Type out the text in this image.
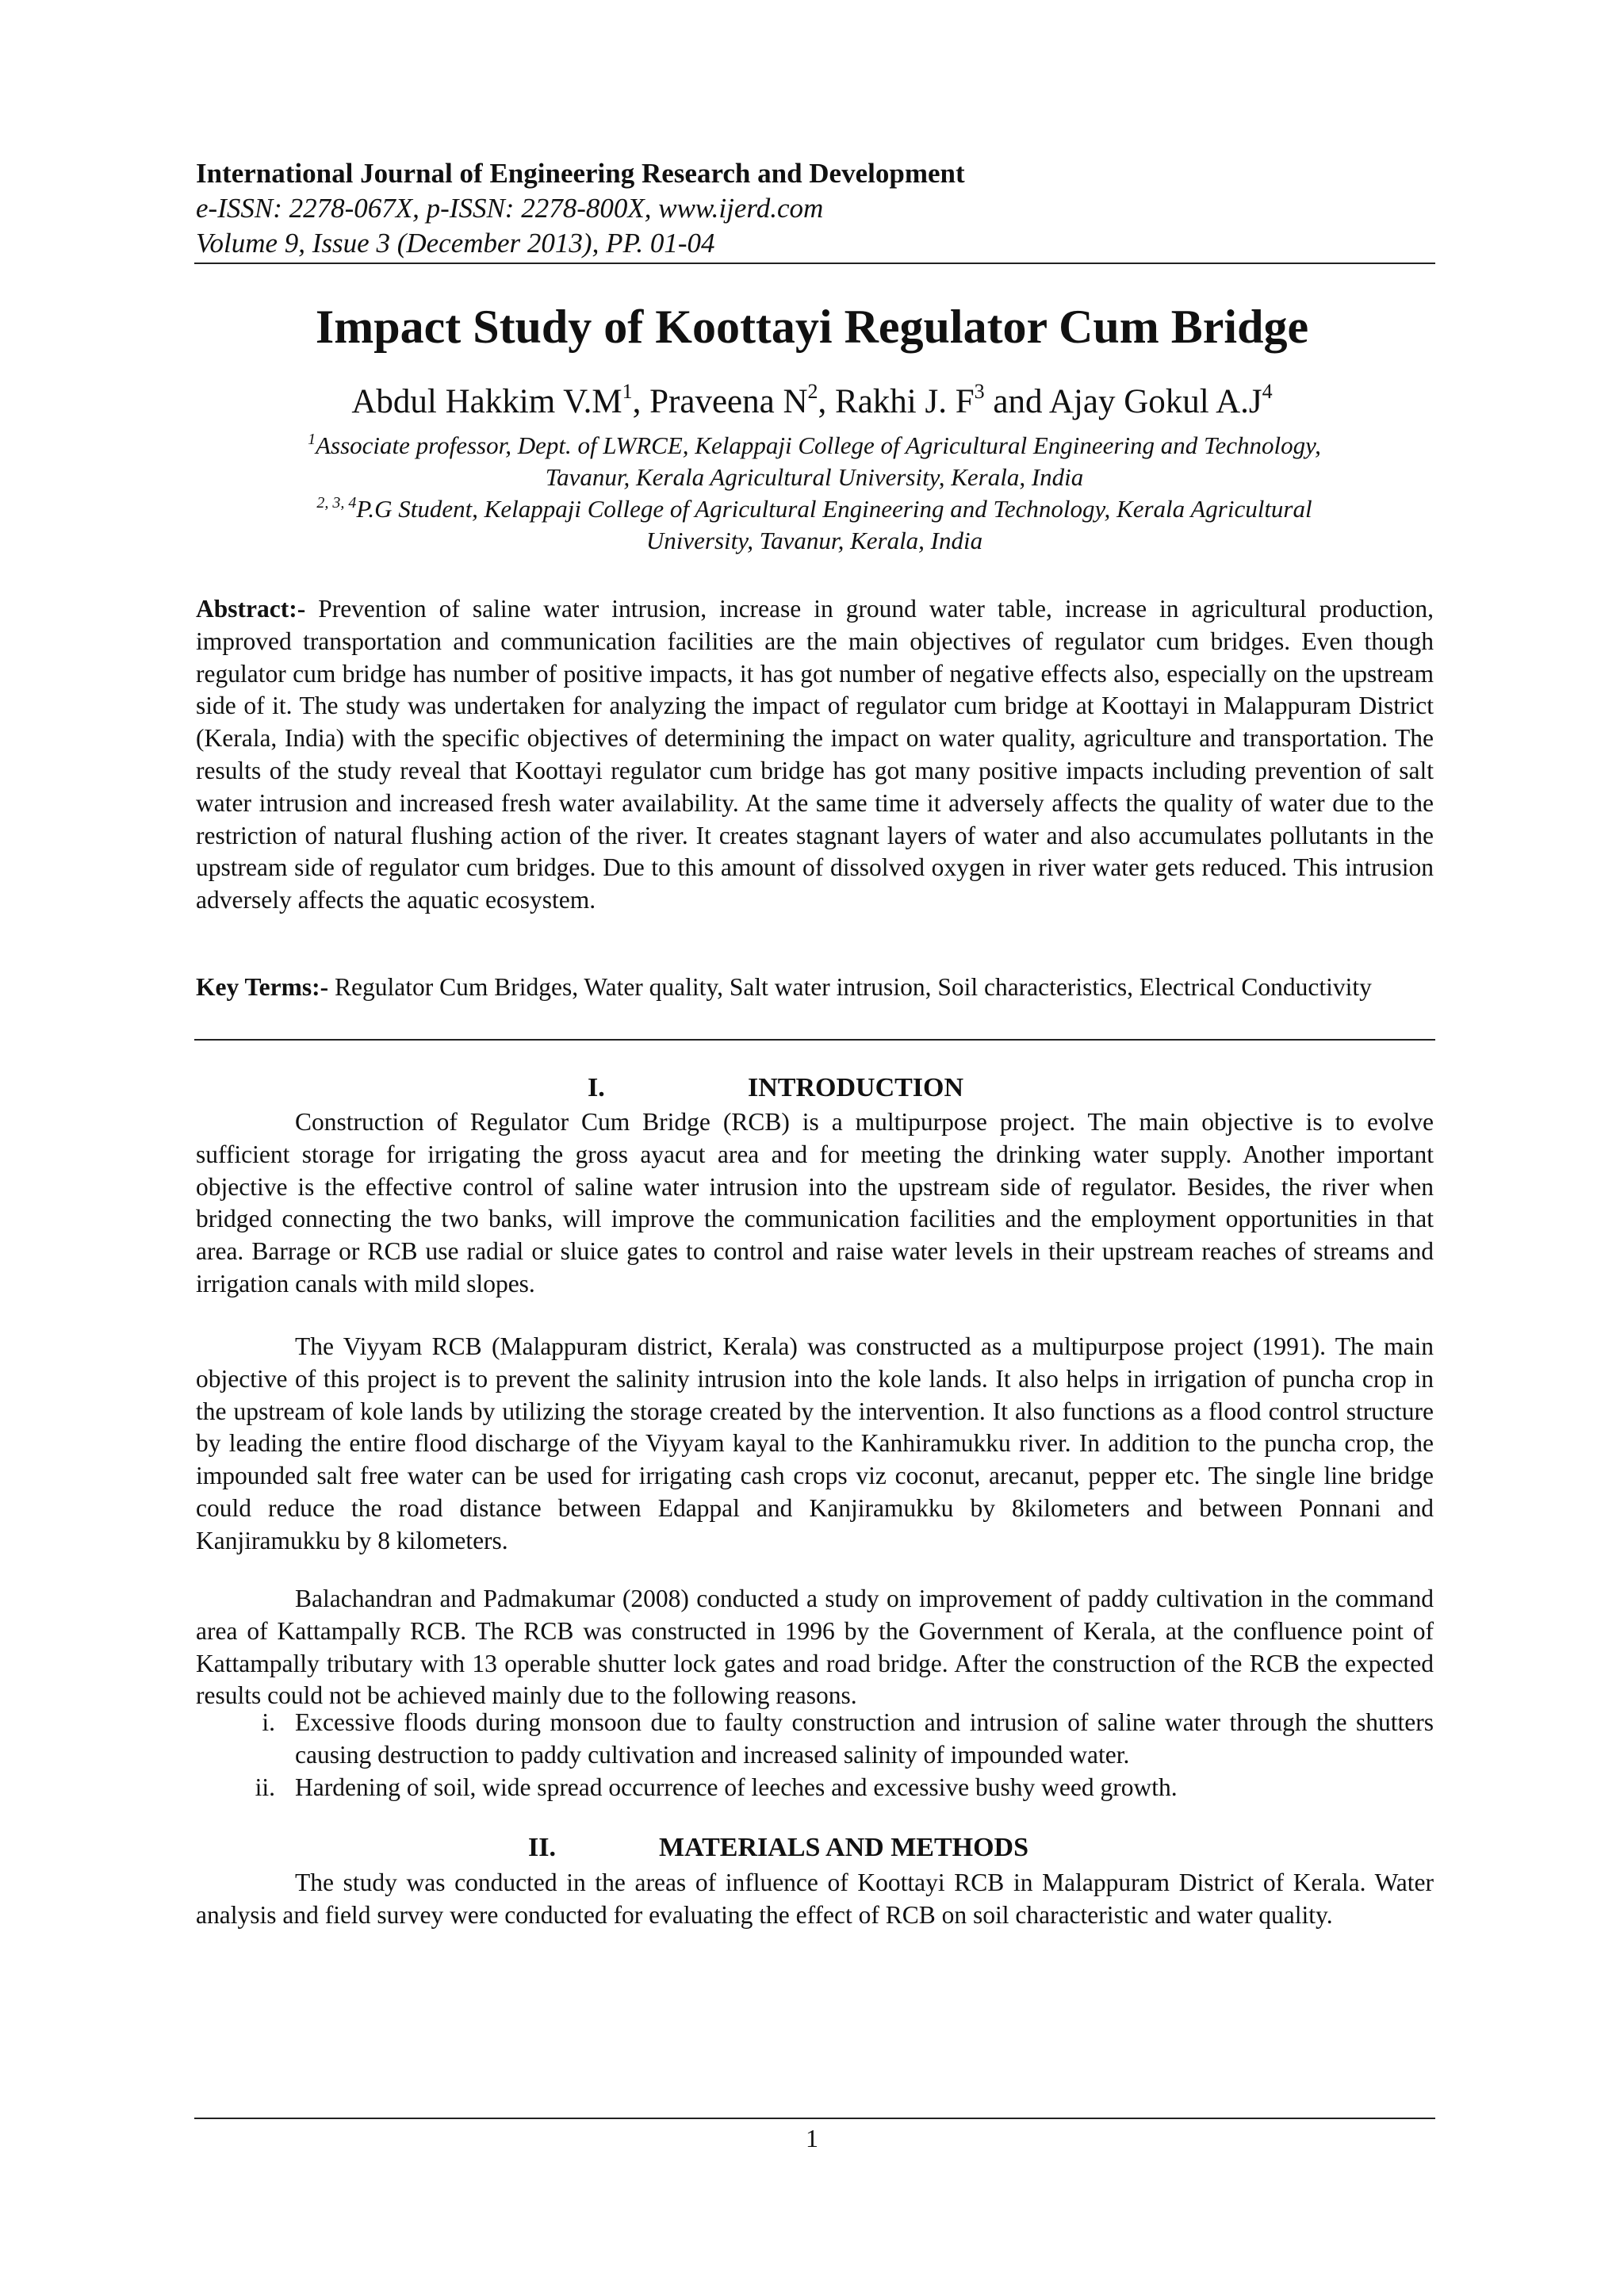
International Journal of Engineering Research and Development
e-ISSN: 2278-067X, p-ISSN: 2278-800X, www.ijerd.com
Volume 9, Issue 3 (December 2013), PP. 01-04
Impact Study of Koottayi Regulator Cum Bridge
Abdul Hakkim $V.M^1$, Praveena $N^2$, Rakhi J. $F^3$ and Ajay Gokul $A.J^4$
$^1$Associate professor, Dept. of LWRCE, Kelappaji College of Agricultural Engineering and Technology,
Tavanur, Kerala Agricultural University, Kerala, India
$^{2, 3, 4}$P.G Student, Kelappaji College of Agricultural Engineering and Technology, Kerala Agricultural
University, Tavanur, Kerala, India
Abstract:- Prevention of saline water intrusion, increase in ground water table, increase in agricultural production, improved transportation and communication facilities are the main objectives of regulator cum bridges. Even though regulator cum bridge has number of positive impacts, it has got number of negative effects also, especially on the upstream side of it. The study was undertaken for analyzing the impact of regulator cum bridge at Koottayi in Malappuram District (Kerala, India) with the specific objectives of determining the impact on water quality, agriculture and transportation. The results of the study reveal that Koottayi regulator cum bridge has got many positive impacts including prevention of salt water intrusion and increased fresh water availability. At the same time it adversely affects the quality of water due to the restriction of natural flushing action of the river. It creates stagnant layers of water and also accumulates pollutants in the upstream side of regulator cum bridges. Due to this amount of dissolved oxygen in river water gets reduced. This intrusion adversely affects the aquatic ecosystem.
Key Terms:- Regulator Cum Bridges, Water quality, Salt water intrusion, Soil characteristics, Electrical Conductivity
I.	INTRODUCTION
Construction of Regulator Cum Bridge (RCB) is a multipurpose project. The main objective is to evolve sufficient storage for irrigating the gross ayacut area and for meeting the drinking water supply. Another important objective is the effective control of saline water intrusion into the upstream side of regulator. Besides, the river when bridged connecting the two banks, will improve the communication facilities and the employment opportunities in that area. Barrage or RCB use radial or sluice gates to control and raise water levels in their upstream reaches of streams and irrigation canals with mild slopes.
The Viyyam RCB (Malappuram district, Kerala) was constructed as a multipurpose project (1991). The main objective of this project is to prevent the salinity intrusion into the kole lands. It also helps in irrigation of puncha crop in the upstream of kole lands by utilizing the storage created by the intervention. It also functions as a flood control structure by leading the entire flood discharge of the Viyyam kayal to the Kanhiramukku river. In addition to the puncha crop, the impounded salt free water can be used for irrigating cash crops viz coconut, arecanut, pepper etc. The single line bridge could reduce the road distance between Edappal and Kanjiramukku by 8kilometers and between Ponnani and Kanjiramukku by 8 kilometers.
Balachandran and Padmakumar (2008) conducted a study on improvement of paddy cultivation in the command area of Kattampally RCB. The RCB was constructed in 1996 by the Government of Kerala, at the confluence point of Kattampally tributary with 13 operable shutter lock gates and road bridge. After the construction of the RCB the expected results could not be achieved mainly due to the following reasons.
i. Excessive floods during monsoon due to faulty construction and intrusion of saline water through the shutters causing destruction to paddy cultivation and increased salinity of impounded water.
ii. Hardening of soil, wide spread occurrence of leeches and excessive bushy weed growth.
II.	MATERIALS AND METHODS
The study was conducted in the areas of influence of Koottayi RCB in Malappuram District of Kerala. Water analysis and field survey were conducted for evaluating the effect of RCB on soil characteristic and water quality.
1
